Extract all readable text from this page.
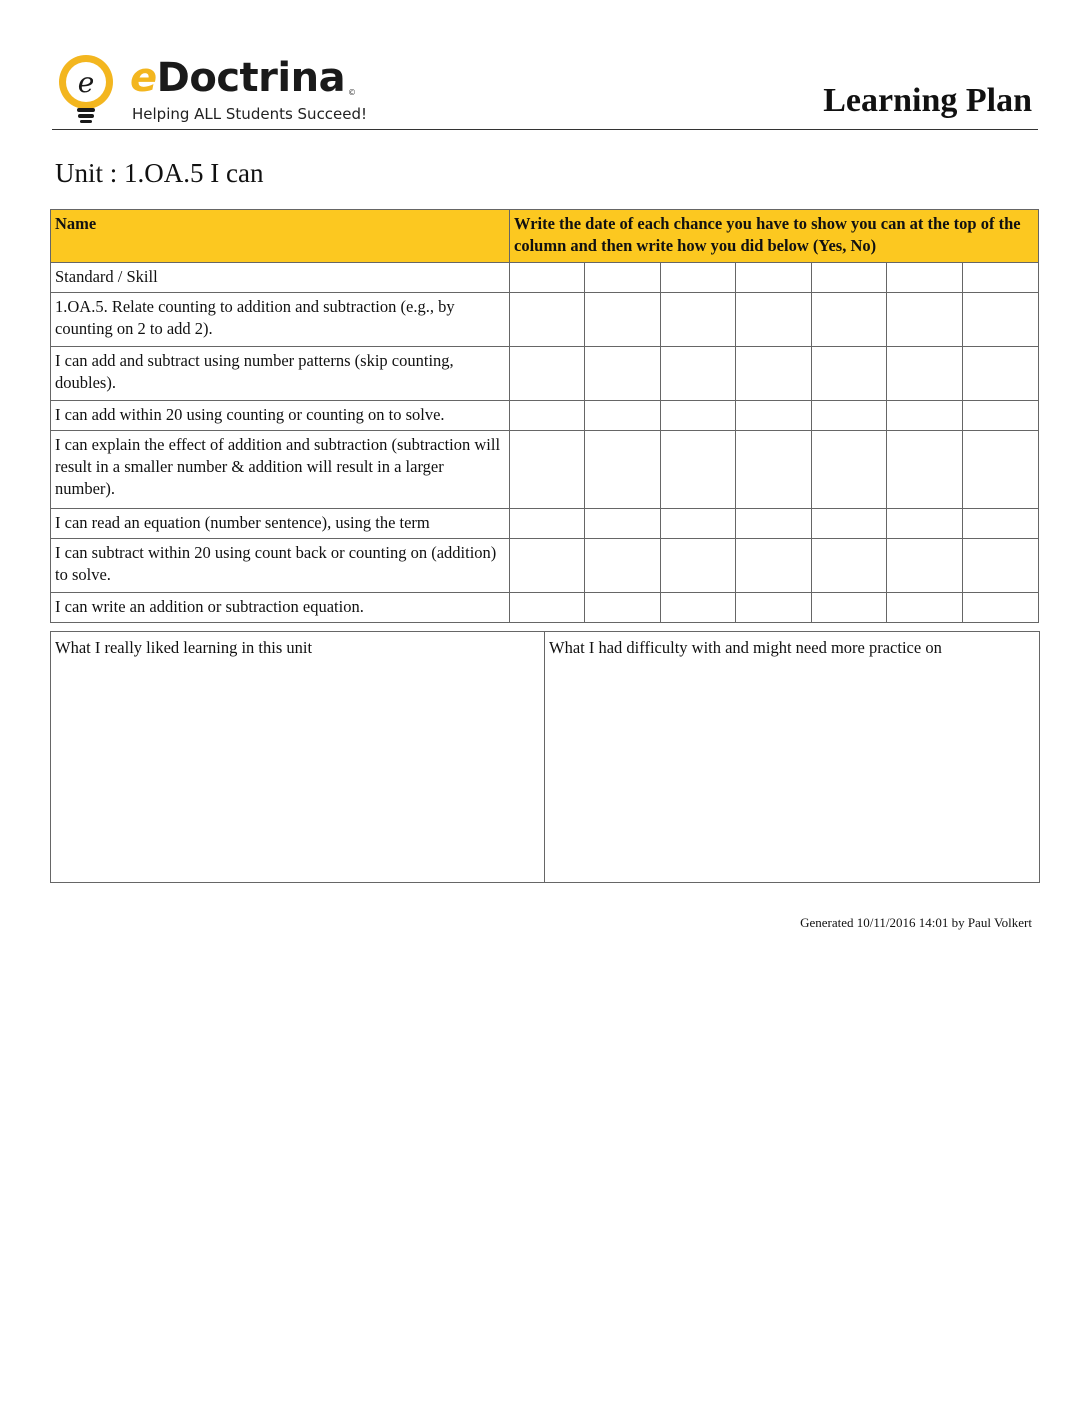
e eDoctrina ©
Helping ALL Students Succeed!	Learning Plan
Unit : 1.OA.5 I can
Name	Write the date of each chance you have to show you can at the top of the column and then write how you did below (Yes, No)						
Standard / Skill							
1.OA.5. Relate counting to addition and subtraction (e.g., by counting on 2 to add 2).							
I can add and subtract using number patterns (skip counting, doubles).							
I can add within 20 using counting or counting on to solve.							
I can explain the effect of addition and subtraction (subtraction will result in a smaller number & addition will result in a larger number).							
I can read an equation (number sentence), using the term							
I can subtract within 20 using count back or counting on (addition) to solve.							
I can write an addition or subtraction equation.							
What I really liked learning in this unit	What I had difficulty with and might need more practice on
Generated 10/11/2016 14:01 by Paul Volkert
